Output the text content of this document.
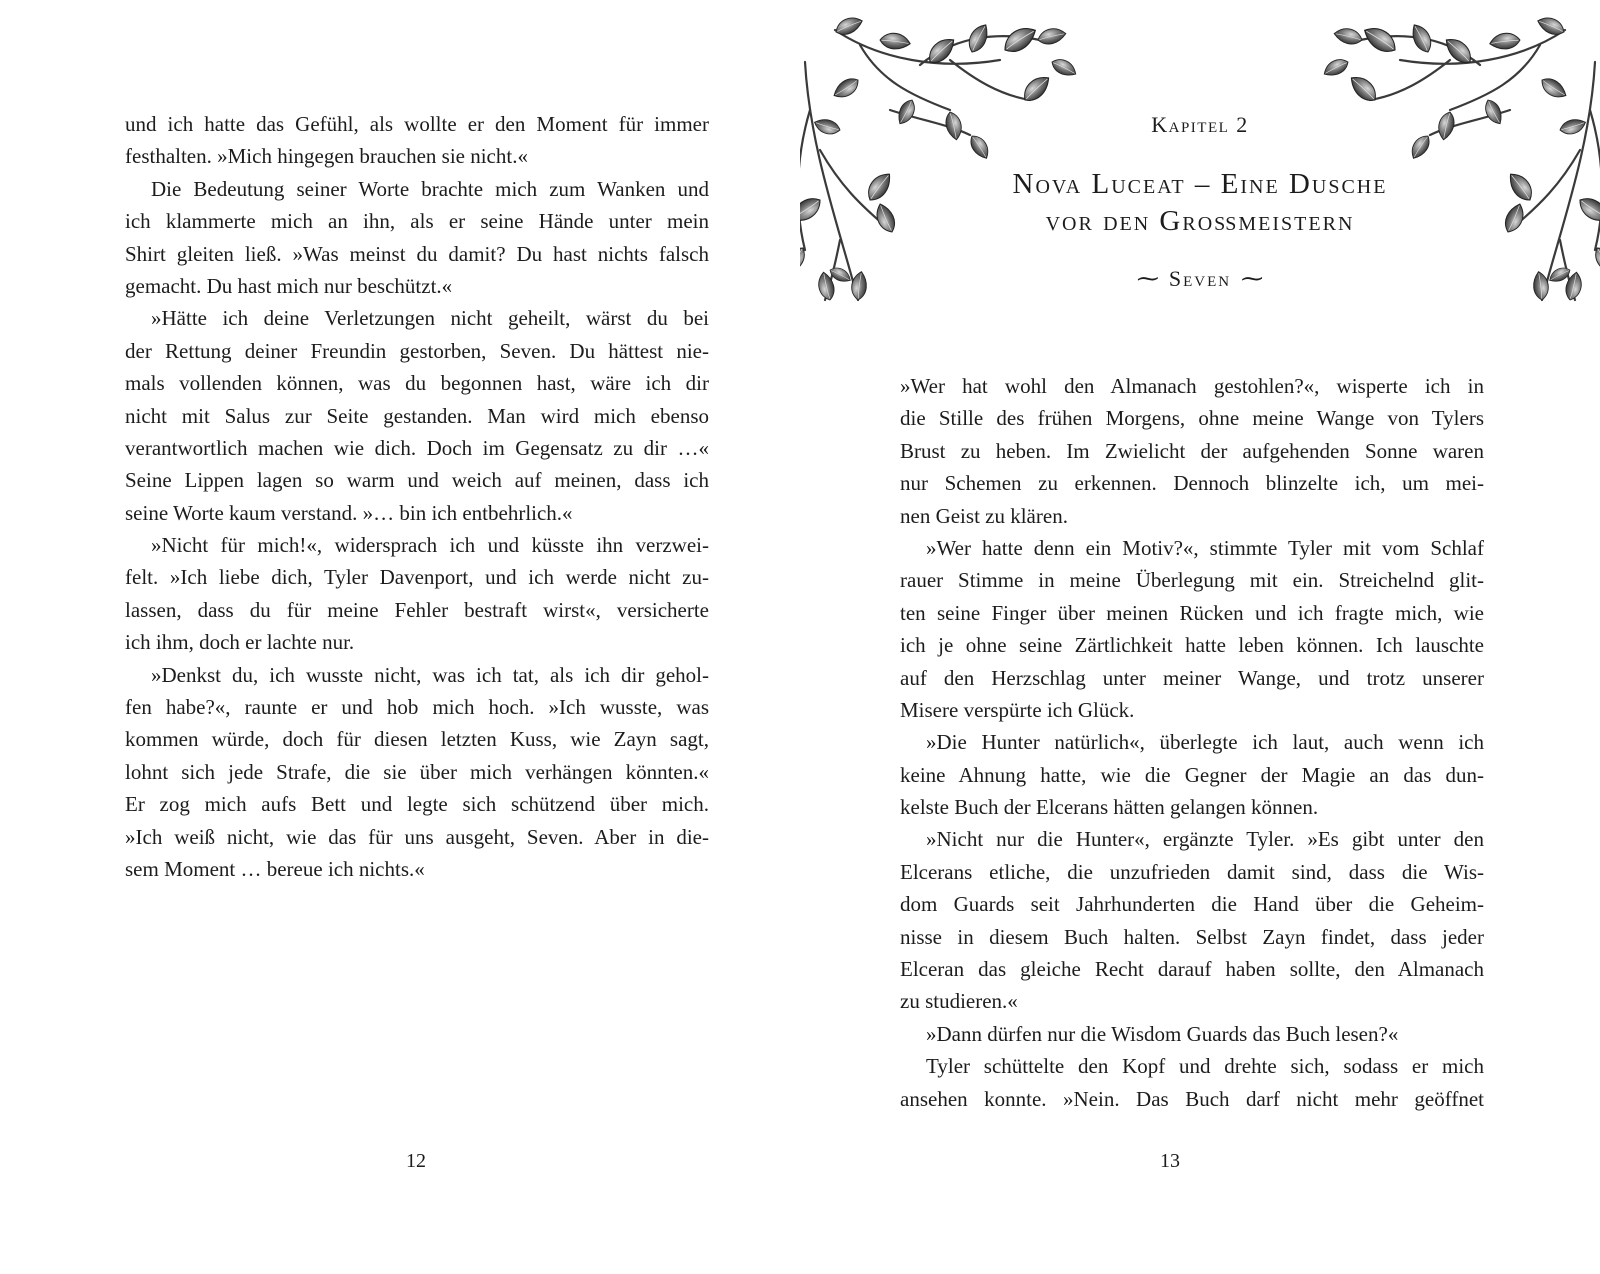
und ich hatte das Gefühl, als wollte er den Moment für immer
festhalten. »Mich hingegen brauchen sie nicht.«
Die Bedeutung seiner Worte brachte mich zum Wanken und
ich klammerte mich an ihn, als er seine Hände unter mein
Shirt gleiten ließ. »Was meinst du damit? Du hast nichts falsch
gemacht. Du hast mich nur beschützt.«
»Hätte ich deine Verletzungen nicht geheilt, wärst du bei
der Rettung deiner Freundin gestorben, Seven. Du hättest nie-
mals vollenden können, was du begonnen hast, wäre ich dir
nicht mit Salus zur Seite gestanden. Man wird mich ebenso
verantwortlich machen wie dich. Doch im Gegensatz zu dir …«
Seine Lippen lagen so warm und weich auf meinen, dass ich
seine Worte kaum verstand. »… bin ich entbehrlich.«
»Nicht für mich!«, widersprach ich und küsste ihn verzwei-
felt. »Ich liebe dich, Tyler Davenport, und ich werde nicht zu-
lassen, dass du für meine Fehler bestraft wirst«, versicherte
ich ihm, doch er lachte nur.
»Denkst du, ich wusste nicht, was ich tat, als ich dir gehol-
fen habe?«, raunte er und hob mich hoch. »Ich wusste, was
kommen würde, doch für diesen letzten Kuss, wie Zayn sagt,
lohnt sich jede Strafe, die sie über mich verhängen könnten.«
Er zog mich aufs Bett und legte sich schützend über mich.
»Ich weiß nicht, wie das für uns ausgeht, Seven. Aber in die-
sem Moment … bereue ich nichts.«
12
Kapitel 2
Nova Luceat – Eine Dusche
vor den Großmeistern
⁓ Seven ⁓
»Wer hat wohl den Almanach gestohlen?«, wisperte ich in
die Stille des frühen Morgens, ohne meine Wange von Tylers
Brust zu heben. Im Zwielicht der aufgehenden Sonne waren
nur Schemen zu erkennen. Dennoch blinzelte ich, um mei-
nen Geist zu klären.
»Wer hatte denn ein Motiv?«, stimmte Tyler mit vom Schlaf
rauer Stimme in meine Überlegung mit ein. Streichelnd glit-
ten seine Finger über meinen Rücken und ich fragte mich, wie
ich je ohne seine Zärtlichkeit hatte leben können. Ich lauschte
auf den Herzschlag unter meiner Wange, und trotz unserer
Misere verspürte ich Glück.
»Die Hunter natürlich«, überlegte ich laut, auch wenn ich
keine Ahnung hatte, wie die Gegner der Magie an das dun-
kelste Buch der Elcerans hätten gelangen können.
»Nicht nur die Hunter«, ergänzte Tyler. »Es gibt unter den
Elcerans etliche, die unzufrieden damit sind, dass die Wis-
dom Guards seit Jahrhunderten die Hand über die Geheim-
nisse in diesem Buch halten. Selbst Zayn findet, dass jeder
Elceran das gleiche Recht darauf haben sollte, den Almanach
zu studieren.«
»Dann dürfen nur die Wisdom Guards das Buch lesen?«
Tyler schüttelte den Kopf und drehte sich, sodass er mich
ansehen konnte. »Nein. Das Buch darf nicht mehr geöffnet
13
